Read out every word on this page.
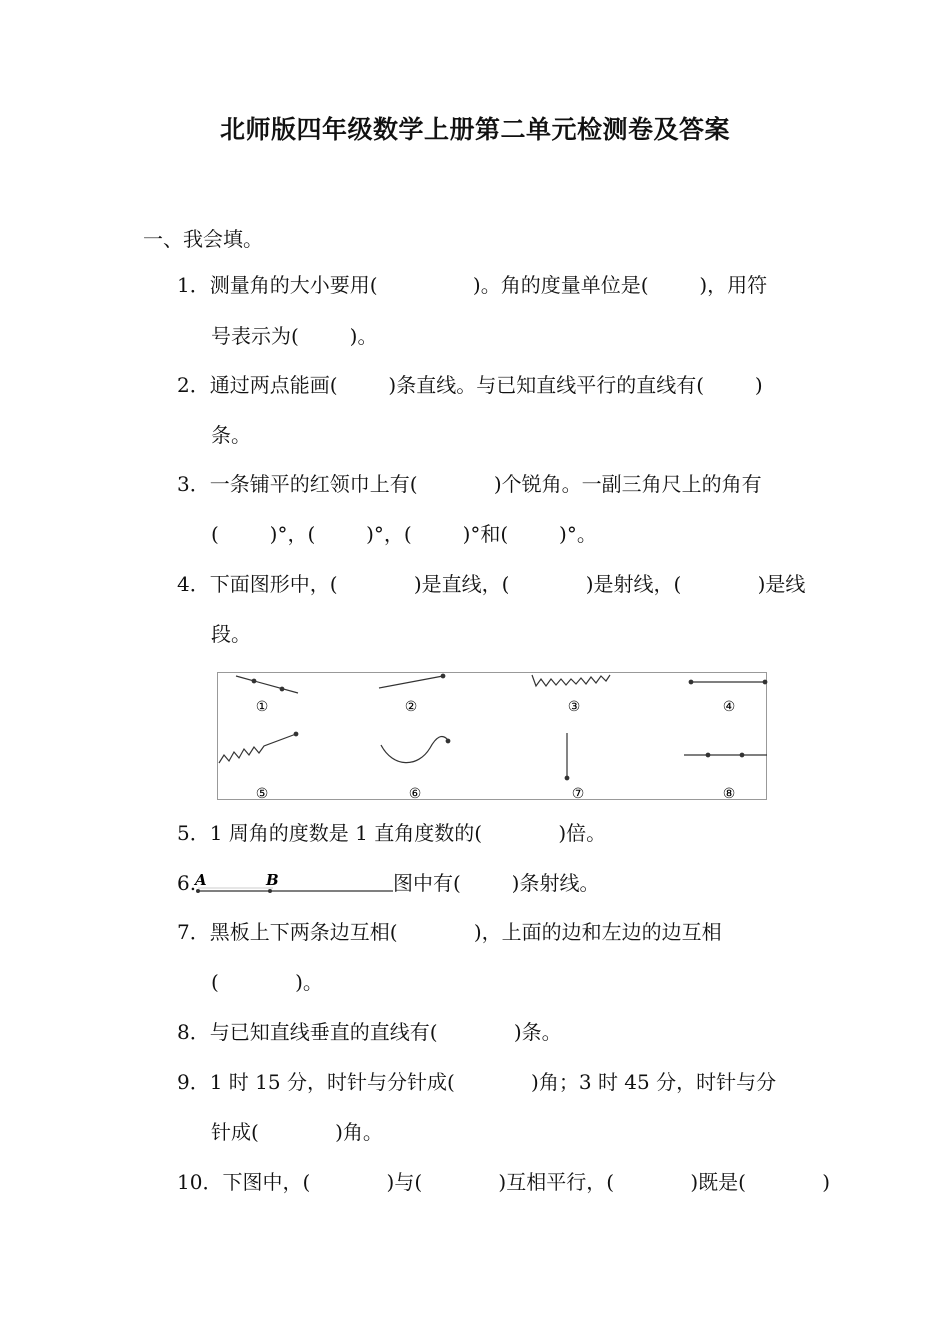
北师版四年级数学上册第二单元检测卷及答案
一、我会填。
1．测量角的大小要用(               )。角的度量单位是(        )，用符
号表示为(        )。
2．通过两点能画(        )条直线。与已知直线平行的直线有(        )
条。
3．一条铺平的红领巾上有(            )个锐角。一副三角尺上的角有
(        )°，(        )°，(        )°和(        )°。
4．下面图形中，(            )是直线，(            )是射线，(            )是线
段。
①	②	③	④
⑤	⑥	⑦	⑧
5．1 周角的度数是 1 直角度数的(            )倍。
6.
A	B	图中有(        )条射线。
7．黑板上下两条边互相(            )，上面的边和左边的边互相
(            )。
8．与已知直线垂直的直线有(            )条。
9．1 时 15 分，时针与分针成(            )角；3 时 45 分，时针与分
针成(            )角。
10．下图中，(            )与(            )互相平行，(            )既是(            )
